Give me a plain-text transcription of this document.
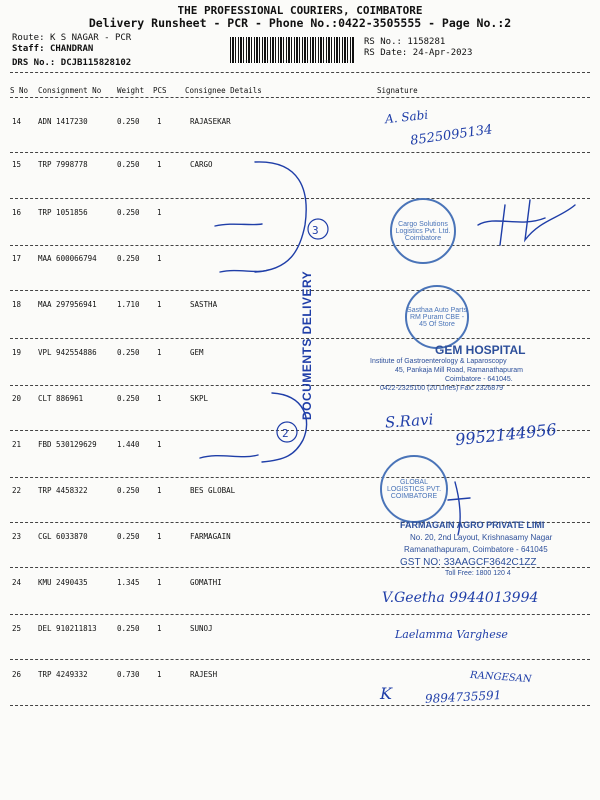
THE PROFESSIONAL COURIERS, COIMBATORE
Delivery Runsheet - PCR - Phone No.:0422-3505555 - Page No.:2
Route: K S NAGAR - PCR
Staff: CHANDRAN
DRS No.: DCJB115828102
RS No.: 1158281
RS Date: 24-Apr-2023
S No Consignment No Weight PCS Consignee Details	Signature
14 ADN 1417230	0.250 1	RAJASEKAR
15 TRP 7998778	0.250 1	CARGO
16 TRP 1051856	0.250 1
17 MAA 600066794	0.250 1
18 MAA 297956941	1.710 1	SASTHA
19 VPL 942554886	0.250 1	GEM
20 CLT 886961	0.250 1	SKPL
21 FBD 530129629	1.440 1
22 TRP 4458322	0.250 1	BES GLOBAL
23 CGL 6033870	0.250 1	FARMAGAIN
24 KMU 2490435	1.345 1	GOMATHI
25 DEL 910211813	0.250 1	SUNOJ
26 TRP 4249332	0.730 1	RAJESH
3
2
A. Sabi
8525095134
Cargo Solutions Logistics Pvt. Ltd. Coimbatore
Sasthaa Auto Parts RM Puram CBE - 45 Of Store
GEM HOSPITAL
Institute of Gastroenterology & Laparoscopy
45, Pankaja Mill Road, Ramanathapuram
Coimbatore - 641045.
0422-2325100 (20 Lines) Fax: 2326879
S.Ravi 9952144956
DOCUMENTS DELIVERY
GLOBAL LOGISTICS PVT. COIMBATORE
FARMAGAIN AGRO PRIVATE LIMI
No. 20, 2nd Layout, Krishnasamy Nagar
Ramanathapuram, Coimbatore - 641045
GST NO: 33AAGCF3642C1ZZ
Toll Free: 1800 120 4
V.Geetha 9944013994
Laelamma Varghese
RANGESAN
9894735591
K
